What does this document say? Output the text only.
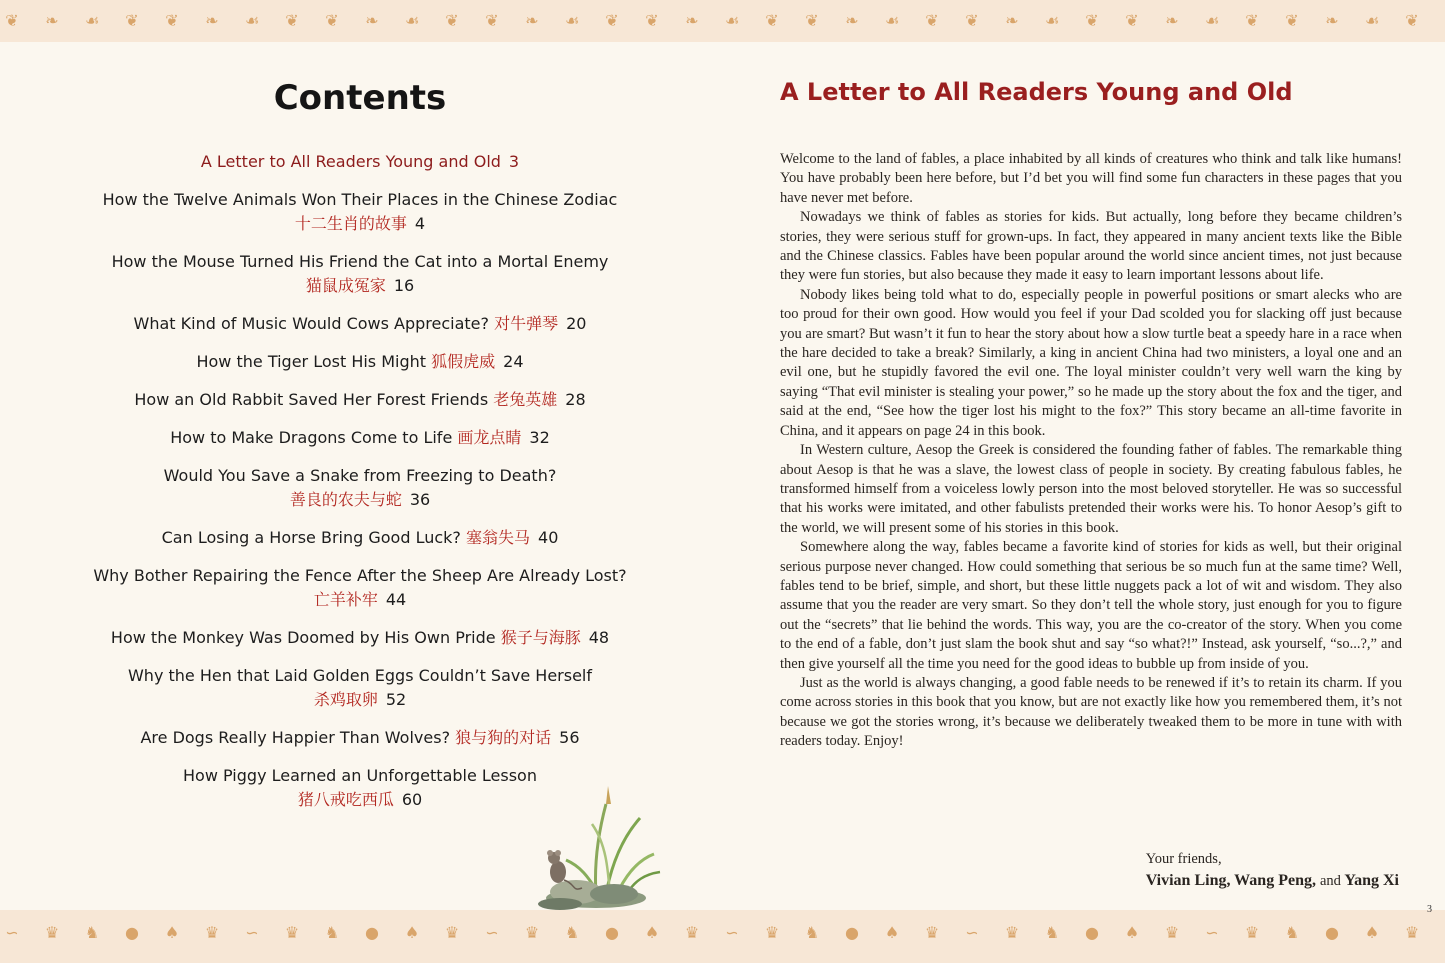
❦	❧	☙	❦	❦	❧	☙	❦	❦	❧	☙	❦	❦	❧	☙	❦	❦	❧	☙	❦	❦	❧	☙	❦	❦	❧	☙	❦	❦	❧	☙	❦	❦	❧	☙	❦
Contents
A Letter to All Readers Young and Old 3
How the Twelve Animals Won Their Places in the Chinese Zodiac
十二生肖的故事 4
How the Mouse Turned His Friend the Cat into a Mortal Enemy
猫鼠成冤家 16
What Kind of Music Would Cows Appreciate? 对牛弹琴 20
How the Tiger Lost His Might 狐假虎威 24
How an Old Rabbit Saved Her Forest Friends 老兔英雄 28
How to Make Dragons Come to Life 画龙点睛 32
Would You Save a Snake from Freezing to Death?
善良的农夫与蛇 36
Can Losing a Horse Bring Good Luck? 塞翁失马 40
Why Bother Repairing the Fence After the Sheep Are Already Lost?
亡羊补牢 44
How the Monkey Was Doomed by His Own Pride 猴子与海豚 48
Why the Hen that Laid Golden Eggs Couldn’t Save Herself
杀鸡取卵 52
Are Dogs Really Happier Than Wolves? 狼与狗的对话 56
How Piggy Learned an Unforgettable Lesson
猪八戒吃西瓜 60
A Letter to All Readers Young and Old

Welcome to the land of fables, a place inhabited by all kinds of creatures who think and talk like humans! You have probably been here before, but I’d bet you will find some fun characters in these pages that you have never met before.

Nowadays we think of fables as stories for kids. But actually, long before they became children’s stories, they were serious stuff for grown-ups. In fact, they appeared in many ancient texts like the Bible and the Chinese classics. Fables have been popular around the world since ancient times, not just because they were fun stories, but also because they made it easy to learn important lessons about life.

Nobody likes being told what to do, especially people in powerful positions or smart alecks who are too proud for their own good. How would you feel if your Dad scolded you for slacking off just because you are smart? But wasn’t it fun to hear the story about how a slow turtle beat a speedy hare in a race when the hare decided to take a break? Similarly, a king in ancient China had two ministers, a loyal one and an evil one, but he stupidly favored the evil one. The loyal minister couldn’t very well warn the king by saying “That evil minister is stealing your power,” so he made up the story about the fox and the tiger, and said at the end, “See how the tiger lost his might to the fox?” This story became an all-time favorite in China, and it appears on page 24 in this book.

In Western culture, Aesop the Greek is considered the founding father of fables. The remarkable thing about Aesop is that he was a slave, the lowest class of people in society. By creating fabulous fables, he transformed himself from a voiceless lowly person into the most beloved storyteller. He was so successful that his works were imitated, and other fabulists pretended their works were his. To honor Aesop’s gift to the world, we will present some of his stories in this book.

Somewhere along the way, fables became a favorite kind of stories for kids as well, but their original serious purpose never changed. How could something that serious be so much fun at the same time? Well, fables tend to be brief, simple, and short, but these little nuggets pack a lot of wit and wisdom. They also assume that you the reader are very smart. So they don’t tell the whole story, just enough for you to figure out the “secrets” that lie behind the words. This way, you are the co-creator of the story. When you come to the end of a fable, don’t just slam the book shut and say “so what?!” Instead, ask yourself, “so...?,” and then give yourself all the time you need for the good ideas to bubble up from inside of you.

Just as the world is always changing, a good fable needs to be renewed if it’s to retain its charm. If you come across stories in this book that you know, but are not exactly like how you remembered them, it’s not because we got the stories wrong, it’s because we deliberately tweaked them to be more in tune with with readers today. Enjoy!

Your friends,
Vivian Ling, Wang Peng, and Yang Xi
∽	♛	♞	●	♠	♛	∽	♛	♞	●	♠	♛	∽	♛	♞	●	♠	♛	∽	♛	♞	●	♠	♛	∽	♛	♞	●	♠	♛	∽	♛	♞	●	♠	♛
3
